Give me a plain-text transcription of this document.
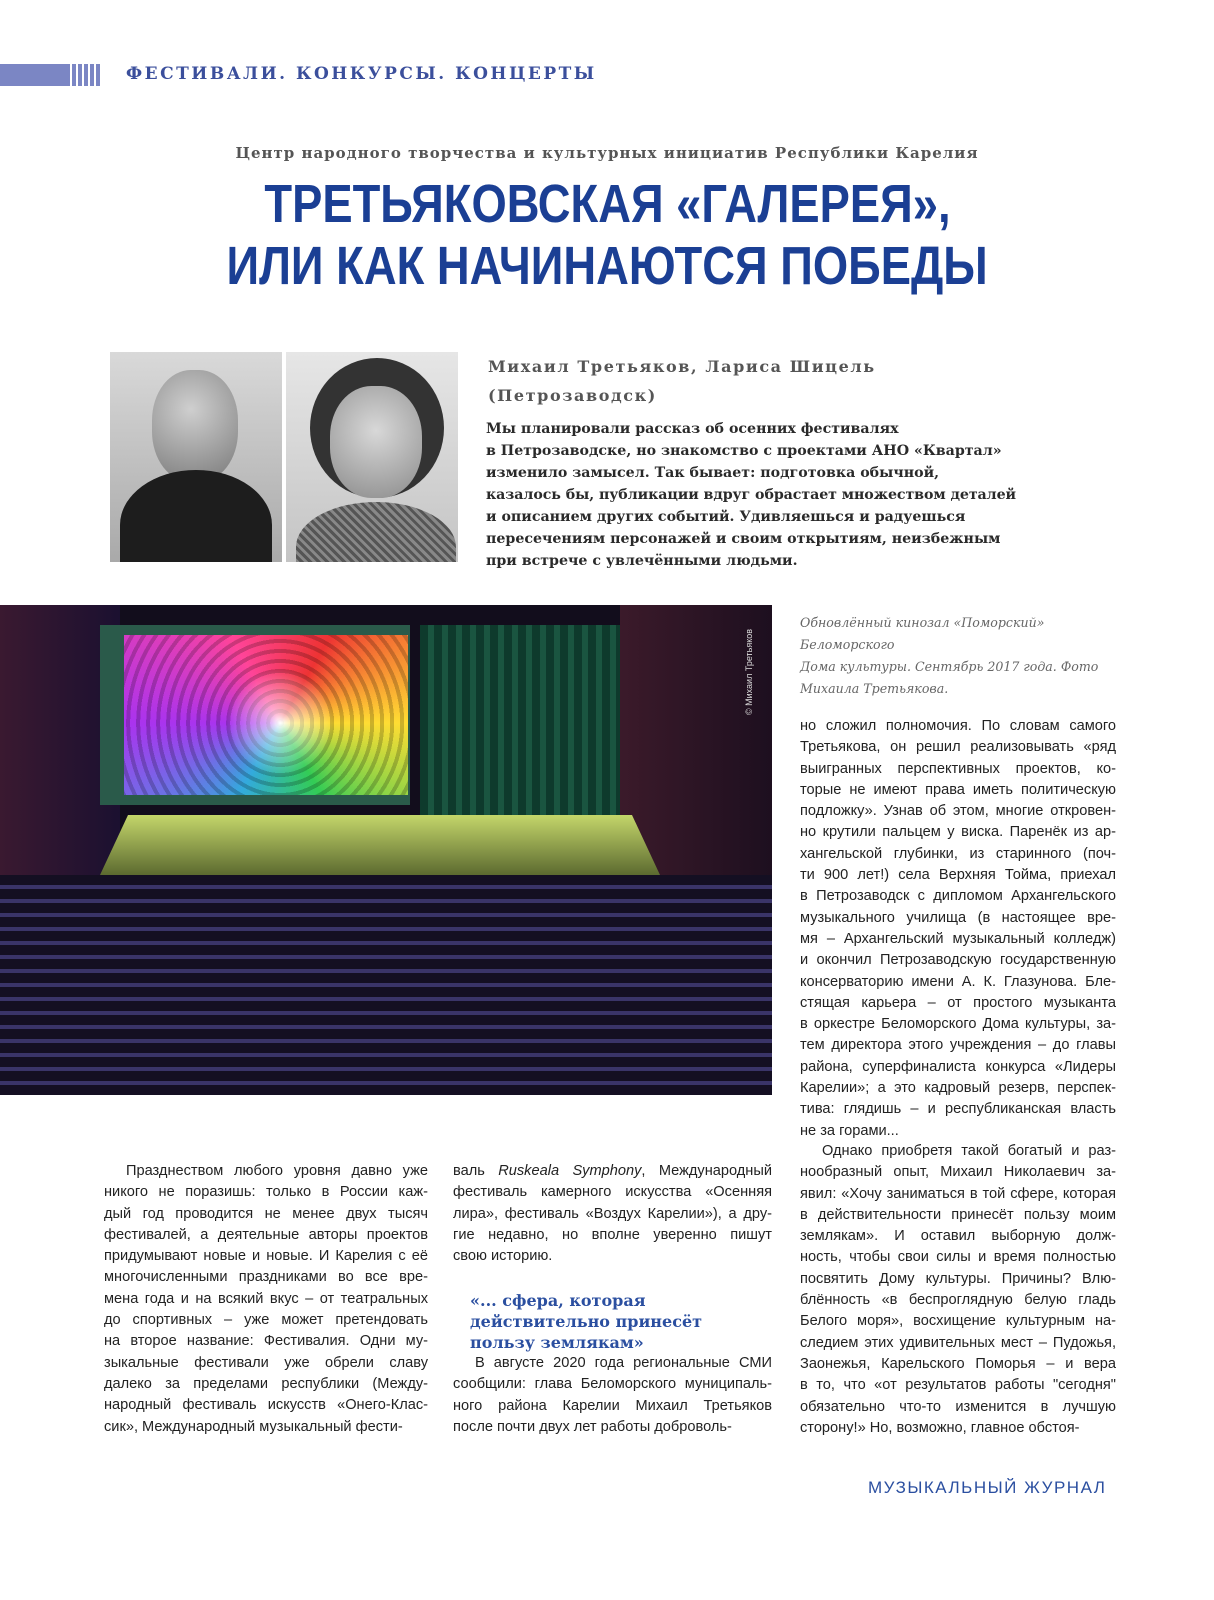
ФЕСТИВАЛИ. КОНКУРСЫ. КОНЦЕРТЫ
Центр народного творчества и культурных инициатив Республики Карелия
ТРЕТЬЯКОВСКАЯ «ГАЛЕРЕЯ»,
ИЛИ КАК НАЧИНАЮТСЯ ПОБЕДЫ
Михаил Третьяков, Лариса Шицель
(Петрозаводск)
Мы планировали рассказ об осенних фестивалях
в Петрозаводске, но знакомство с проектами АНО «Квартал»
изменило замысел. Так бывает: подготовка обычной,
казалось бы, публикации вдруг обрастает множеством деталей
и описанием других событий. Удивляешься и радуешься
пересечениям персонажей и своим открытиям, неизбежным
при встрече с увлечёнными людьми.
© Михаил Третьяков
Обновлённый кинозал «Поморский» Беломорского
Дома культуры. Сентябрь 2017 года. Фото
Михаила Третьякова.
Празднеством любого уровня давно уже
никого не поразишь: только в России каж-
дый год проводится не менее двух тысяч
фестивалей, а деятельные авторы проектов
придумывают новые и новые. И Карелия с её
многочисленными праздниками во все вре-
мена года и на всякий вкус – от театральных
до спортивных – уже может претендовать
на второе название: Фестивалия. Одни му-
зыкальные фестивали уже обрели славу
далеко за пределами республики (Между-
народный фестиваль искусств «Онего-Клас-
сик», Международный музыкальный фести-
валь Ruskeala Symphony, Международный
фестиваль камерного искусства «Осенняя
лира», фестиваль «Воздух Карелии»), а дру-
гие недавно, но вполне уверенно пишут
свою историю.
«... сфера, которая
действительно принесёт
пользу землякам»
В августе 2020 года региональные СМИ
сообщили: глава Беломорского муниципаль-
ного района Карелии Михаил Третьяков
после почти двух лет работы доброволь-
но сложил полномочия. По словам самого
Третьякова, он решил реализовывать «ряд
выигранных перспективных проектов, ко-
торые не имеют права иметь политическую
подложку». Узнав об этом, многие откровен-
но крутили пальцем у виска. Паренёк из ар-
хангельской глубинки, из старинного (поч-
ти 900 лет!) села Верхняя Тойма, приехал
в Петрозаводск с дипломом Архангельского
музыкального училища (в настоящее вре-
мя – Архангельский музыкальный колледж)
и окончил Петрозаводскую государственную
консерваторию имени А. К. Глазунова. Бле-
стящая карьера – от простого музыканта
в оркестре Беломорского Дома культуры, за-
тем директора этого учреждения – до главы
района, суперфиналиста конкурса «Лидеры
Карелии»; а это кадровый резерв, перспек-
тива: глядишь – и республиканская власть
не за горами...
Однако приобретя такой богатый и раз-
нообразный опыт, Михаил Николаевич за-
явил: «Хочу заниматься в той сфере, которая
в действительности принесёт пользу моим
землякам». И оставил выборную долж-
ность, чтобы свои силы и время полностью
посвятить Дому культуры. Причины? Влю-
блённость «в беспроглядную белую гладь
Белого моря», восхищение культурным на-
следием этих удивительных мест – Пудожья,
Заонежья, Карельского Поморья – и вера
в то, что «от результатов работы "сегодня"
обязательно что-то изменится в лучшую
сторону!» Но, возможно, главное обстоя-
МУЗЫКАЛЬНЫЙ ЖУРНАЛ
